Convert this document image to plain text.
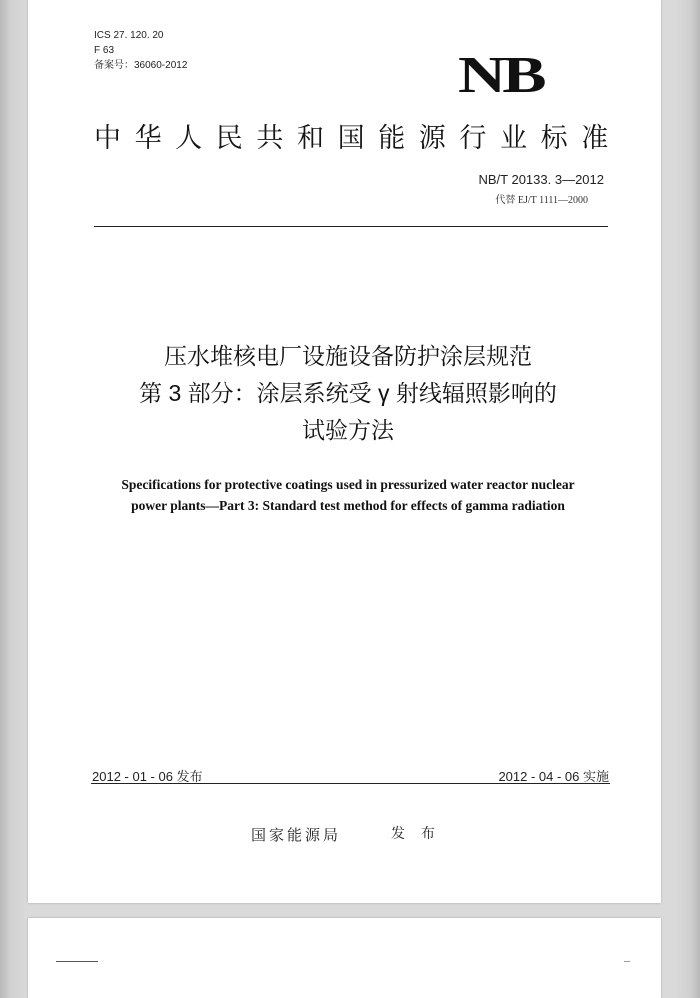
ICS 27. 120. 20
F 63
备案号：36060-2012	NB
中华人民共和国能源行业标准
NB/T 20133. 3—2012
代替 EJ/T 1111—2000
压水堆核电厂设施设备防护涂层规范
第 3 部分：涂层系统受 γ 射线辐照影响的
试验方法
Specifications for protective coatings used in pressurized water reactor nuclear
power plants—Part 3: Standard test method for effects of gamma radiation
2012 - 01 - 06 发布	2012 - 04 - 06 实施
国家能源局	发 布
